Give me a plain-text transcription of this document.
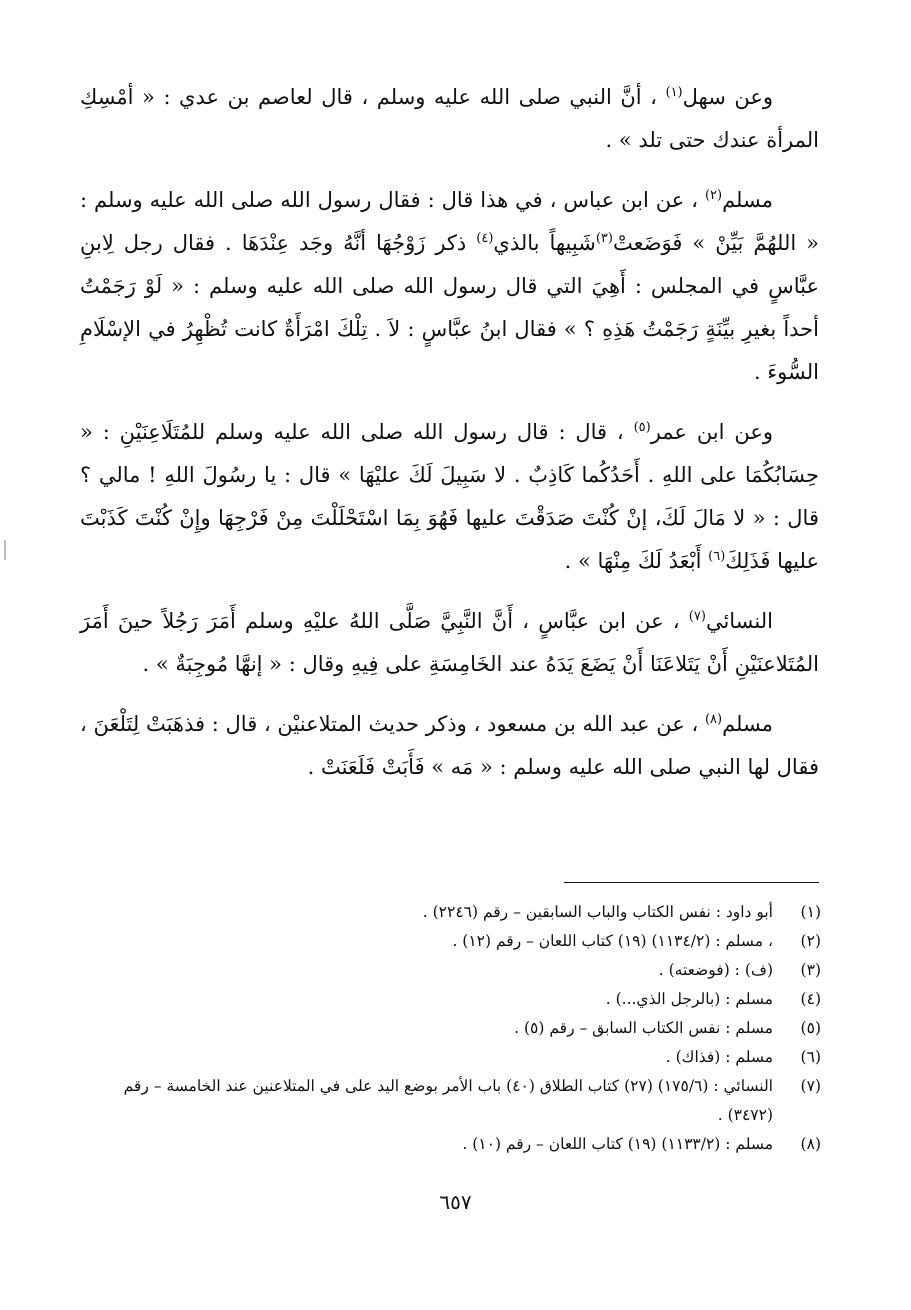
وعن سهل$^{(١)}$ ، أنَّ النبي صلى الله عليه وسلم ، قال لعاصم بن عدي : « أمْسِكِ المرأة عندك حتى تلد » .

مسلم$^{(٢)}$ ، عن ابن عباس ، في هذا قال : فقال رسول الله صلى الله عليه وسلم : « اللهُمَّ بَيِّنْ » فَوَضَعتْ$^{(٣)}$شَبِيهاً بالذي$^{(٤)}$ ذكر زَوْجُهَا أنَّهُ وجَد عِنْدَهَا . فقال رجل لِابنِ عبَّاسٍ في المجلس : أَهِيَ التي قال رسول الله صلى الله عليه وسلم : « لَوْ رَجَمْتُ أحداً بغيرِ بيِّنَةٍ رَجَمْتُ هَذِهِ ؟ » فقال ابنُ عبَّاسٍ : لاَ . تِلْكَ امْرَأَةٌ كانت تُظْهِرُ في الإسْلَامِ السُّوءَ .

وعن ابن عمر$^{(٥)}$ ، قال : قال رسول الله صلى الله عليه وسلم للمُتَلَاعِنَيْنِ : « حِسَابُكُمَا على اللهِ . أَحَدُكُما كَاذِبٌ . لا سَبِيلَ لَكَ عليْهَا » قال : يا رسُولَ اللهِ ! مالي ؟ قال : « لا مَالَ لَكَ، إنْ كُنْتَ صَدَقْتَ عليها فَهُوَ بِمَا اسْتَحْلَلْتَ مِنْ فَرْجِهَا وإِنْ كُنْتَ كَذَبْتَ عليها فَذَلِكَ$^{(٦)}$ أَبْعَدُ لَكَ مِنْهَا » .

النسائي$^{(٧)}$ ، عن ابن عبَّاسٍ ، أَنَّ النَّبِيَّ صَلَّى اللهُ عليْهِ وسلم أَمَرَ رَجُلاً حينَ أَمَرَ المُتَلاعنَيْنِ أَنْ يَتَلاعَنَا أَنْ يَضَعَ يَدَهُ عند الخَامِسَةِ على فِيهِ وقال : « إنهَّا مُوجِبَةٌ » .

مسلم$^{(٨)}$ ، عن عبد الله بن مسعود ، وذكر حديث المتلاعنيْن ، قال : فذهَبَتْ لِتَلْعَنَ ، فقال لها النبي صلى الله عليه وسلم : « مَه » فَأَبَتْ فَلَعَنَتْ .

(١)
أبو داود : نفس الكتاب والباب السابقين – رقم (٢٢٤٦) .
(٢)
، مسلم : (١١٣٤/٢) (١٩) كتاب اللعان – رقم (١٢) .
(٣)
(ف) : (فوضعته) .
(٤)
مسلم : (بالرجل الذي...) .
(٥)
مسلم : نفس الكتاب السابق – رقم (٥) .
(٦)
مسلم : (فذاك) .
(٧)
النسائي : (١٧٥/٦) (٢٧) كتاب الطلاق (٤٠) باب الأمر بوضع اليد على في المتلاعنين عند الخامسة – رقم (٣٤٧٢) .
(٨)
مسلم : (١١٣٣/٢) (١٩) كتاب اللعان – رقم (١٠) .
٦٥٧
